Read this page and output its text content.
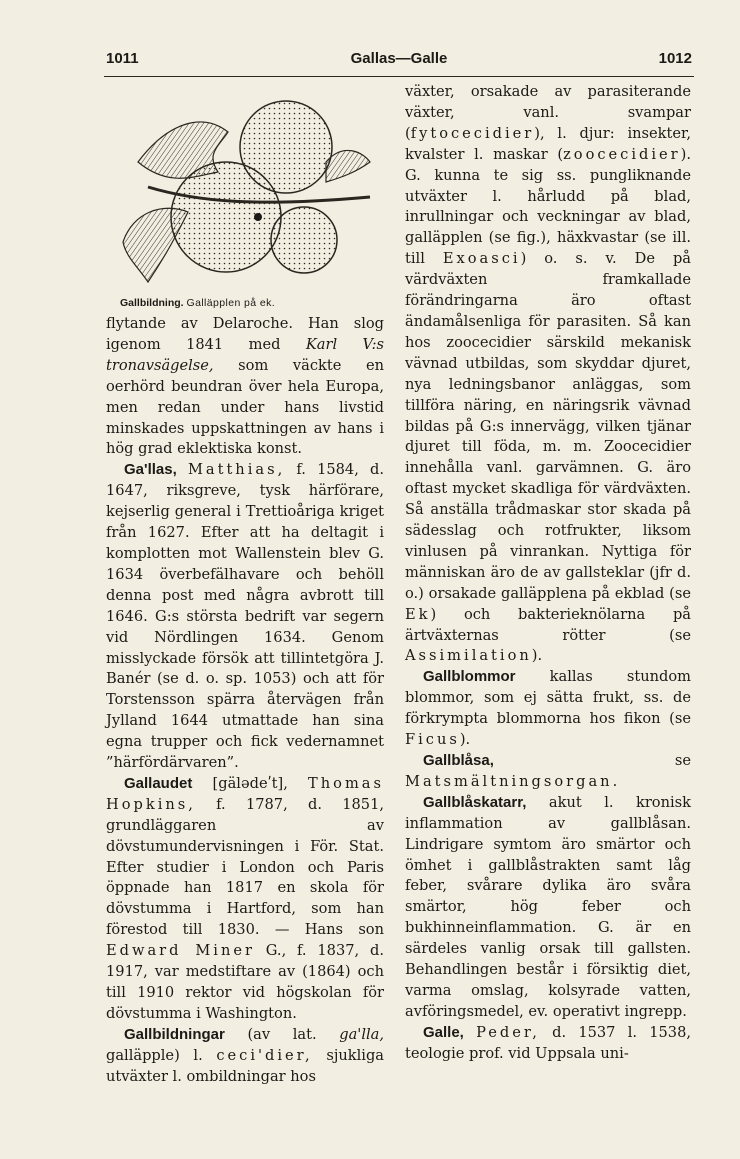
1011	Gallas—Galle	1012
Gallbildning. Galläpplen på ek.

flytande av Delaroche. Han slog igenom 1841 med Karl V:s tronavsägelse, som väckte en oerhörd beundran över hela Europa, men redan under hans livstid minskades uppskattningen av hans i hög grad eklektiska konst.

Ga'llas, Matthias, f. 1584, d. 1647, riksgreve, tysk härförare, kejserlig general i Trettioåriga kriget från 1627. Efter att ha deltagit i komplotten mot Wallenstein blev G. 1634 överbefälhavare och behöll denna post med några avbrott till 1646. G:s största bedrift var segern vid Nördlingen 1634. Genom misslyckade försök att tillintetgöra J. Banér (se d. o. sp. 1053) och att för Torstensson spärra återvägen från Jylland 1644 utmattade han sina egna trupper och fick vedernamnet ”härfördärvaren”.

Gallaudet [gälədeʹt], Thomas Hopkins, f. 1787, d. 1851, grundläggaren av dövstumundervisningen i För. Stat. Efter studier i London och Paris öppnade han 1817 en skola för dövstumma i Hartford, som han förestod till 1830. — Hans son Edward Miner G., f. 1837, d. 1917, var medstiftare av (1864) och till 1910 rektor vid högskolan för dövstumma i Washington.

Gallbildningar (av lat. ga'lla, galläpple) l. ceci'dier, sjukliga utväxter l. ombildningar hos

växter, orsakade av parasiterande växter, vanl. svampar (fytocecidier), l. djur: insekter, kvalster l. maskar (zoocecidier). G. kunna te sig ss. pungliknande utväxter l. hårludd på blad, inrullningar och veckningar av blad, galläpplen (se fig.), häxkvastar (se ill. till Exoasci) o. s. v. De på värdväxten framkallade förändringarna äro oftast ändamålsenliga för parasiten. Så kan hos zoocecidier särskild mekanisk vävnad utbildas, som skyddar djuret, nya ledningsbanor anläggas, som tillföra näring, en näringsrik vävnad bildas på G:s innervägg, vilken tjänar djuret till föda, m. m. Zoocecidier innehålla vanl. garvämnen. G. äro oftast mycket skadliga för värdväxten. Så anställa trådmaskar stor skada på sädesslag och rotfrukter, liksom vinlusen på vinrankan. Nyttiga för människan äro de av gallsteklar (jfr d. o.) orsakade galläpplena på ekblad (se Ek) och bakterieknölarna på ärtväxternas rötter (se Assimilation).

Gallblommor kallas stundom blommor, som ej sätta frukt, ss. de förkrympta blommorna hos fikon (se Ficus).

Gallblåsa, se Matsmältningsorgan.

Gallblåskatarr, akut l. kronisk inflammation av gallblåsan. Lindrigare symtom äro smärtor och ömhet i gallblåstrakten samt låg feber, svårare dylika äro svåra smärtor, hög feber och bukhinneinflammation. G. är en särdeles vanlig orsak till gallsten. Behandlingen består i försiktig diet, varma omslag, kolsyrade vatten, avföringsmedel, ev. operativt ingrepp.

Galle, Peder, d. 1537 l. 1538, teologie prof. vid Uppsala uni-
